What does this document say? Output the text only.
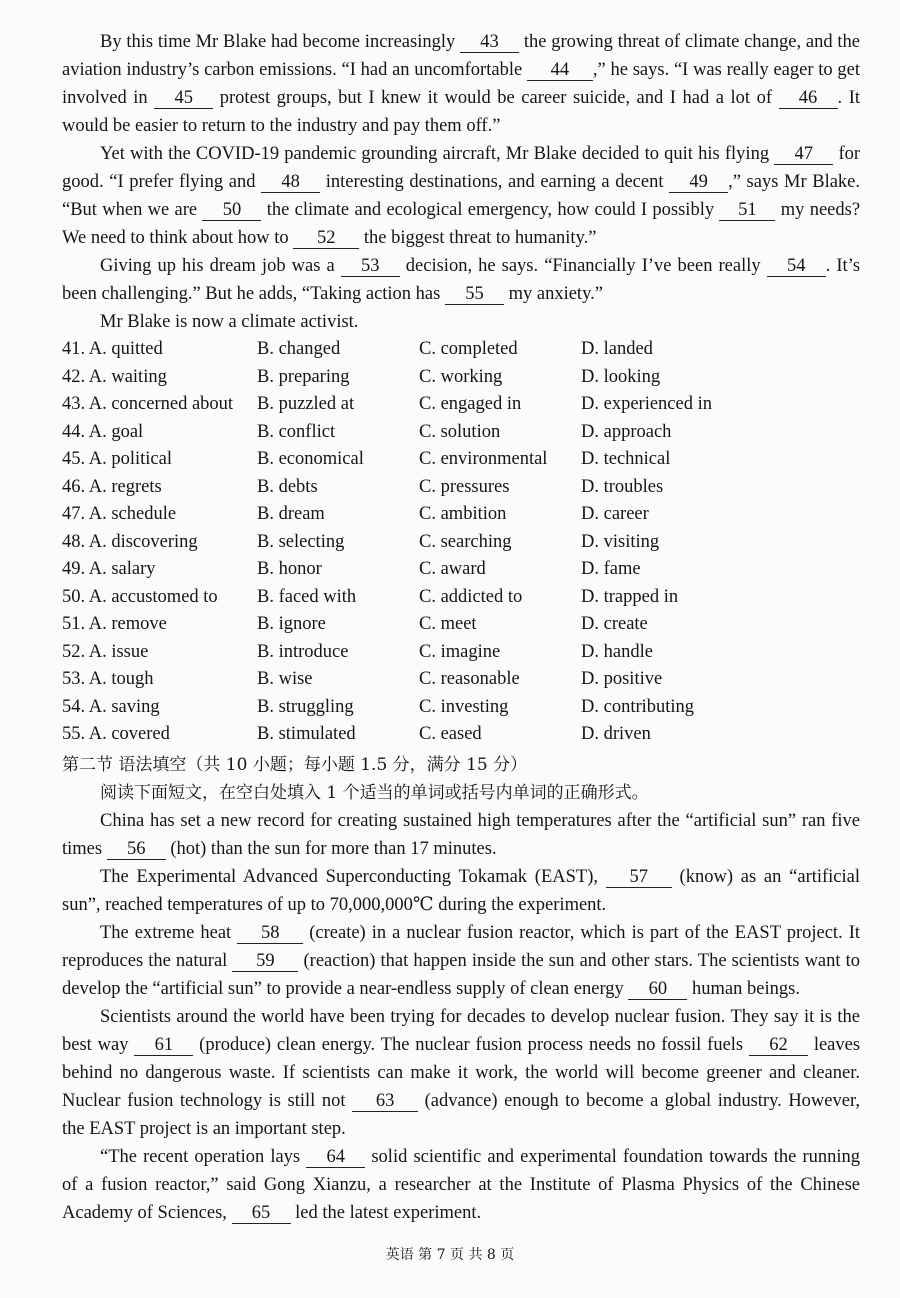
By this time Mr Blake had become increasingly 43 the growing threat of climate change, and the aviation industry’s carbon emissions. “I had an uncomfortable 44 ,” he says. “I was really eager to get involved in 45 protest groups, but I knew it would be career suicide, and I had a lot of 46 . It would be easier to return to the industry and pay them off.”

Yet with the COVID-19 pandemic grounding aircraft, Mr Blake decided to quit his flying 47 for good. “I prefer flying and 48 interesting destinations, and earning a decent 49 ,” says Mr Blake. “But when we are 50 the climate and ecological emergency, how could I possibly 51 my needs? We need to think about how to 52 the biggest threat to humanity.”

Giving up his dream job was a 53 decision, he says. “Financially I’ve been really 54 . It’s been challenging.” But he adds, “Taking action has 55 my anxiety.”

Mr Blake is now a climate activist.

41. A. quitted	B. changed	C. completed	D. landed
42. A. waiting	B. preparing	C. working	D. looking
43. A. concerned about	B. puzzled at	C. engaged in	D. experienced in
44. A. goal	B. conflict	C. solution	D. approach
45. A. political	B. economical	C. environmental	D. technical
46. A. regrets	B. debts	C. pressures	D. troubles
47. A. schedule	B. dream	C. ambition	D. career
48. A. discovering	B. selecting	C. searching	D. visiting
49. A. salary	B. honor	C. award	D. fame
50. A. accustomed to	B. faced with	C. addicted to	D. trapped in
51. A. remove	B. ignore	C. meet	D. create
52. A. issue	B. introduce	C. imagine	D. handle
53. A. tough	B. wise	C. reasonable	D. positive
54. A. saving	B. struggling	C. investing	D. contributing
55. A. covered	B. stimulated	C. eased	D. driven
第二节 语法填空（共 10 小题；每小题 1.5 分，满分 15 分）

阅读下面短文，在空白处填入 1 个适当的单词或括号内单词的正确形式。

China has set a new record for creating sustained high temperatures after the “artificial sun” ran five times 56 (hot) than the sun for more than 17 minutes.

The Experimental Advanced Superconducting Tokamak (EAST), 57 (know) as an “artificial sun”, reached temperatures of up to 70,000,000℃ during the experiment.

The extreme heat 58 (create) in a nuclear fusion reactor, which is part of the EAST project. It reproduces the natural 59 (reaction) that happen inside the sun and other stars. The scientists want to develop the “artificial sun” to provide a near-endless supply of clean energy 60 human beings.

Scientists around the world have been trying for decades to develop nuclear fusion. They say it is the best way 61 (produce) clean energy. The nuclear fusion process needs no fossil fuels 62 leaves behind no dangerous waste. If scientists can make it work, the world will become greener and cleaner. Nuclear fusion technology is still not 63 (advance) enough to become a global industry. However, the EAST project is an important step.

“The recent operation lays 64 solid scientific and experimental foundation towards the running of a fusion reactor,” said Gong Xianzu, a researcher at the Institute of Plasma Physics of the Chinese Academy of Sciences, 65 led the latest experiment.

英语 第 7 页 共 8 页
